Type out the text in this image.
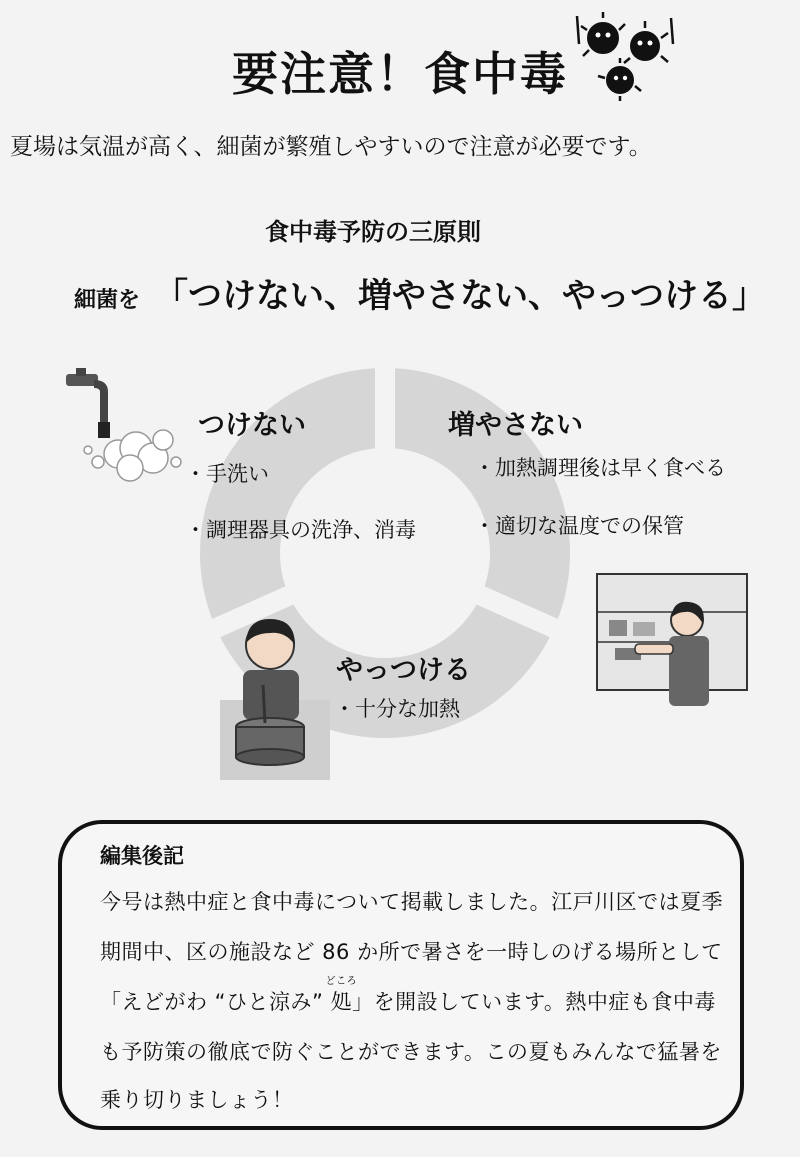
要注意！食中毒
夏場は気温が高く、細菌が繁殖しやすいので注意が必要です。
食中毒予防の三原則
細菌を 「つけない、増やさない、やっつける」
つけない
・手洗い
・調理器具の洗浄、消毒
増やさない
・加熱調理後は早く食べる
・適切な温度での保管
やっつける
・十分な加熱
編集後記
今号は熱中症と食中毒について掲載しました。江戸川区では夏季
期間中、区の施設など 86 か所で暑さを一時しのげる場所として
「えどがわ “ひと涼み”
どころ
処」を開設しています。熱中症も食中毒
も予防策の徹底で防ぐことができます。この夏もみんなで猛暑を
乗り切りましょう！
